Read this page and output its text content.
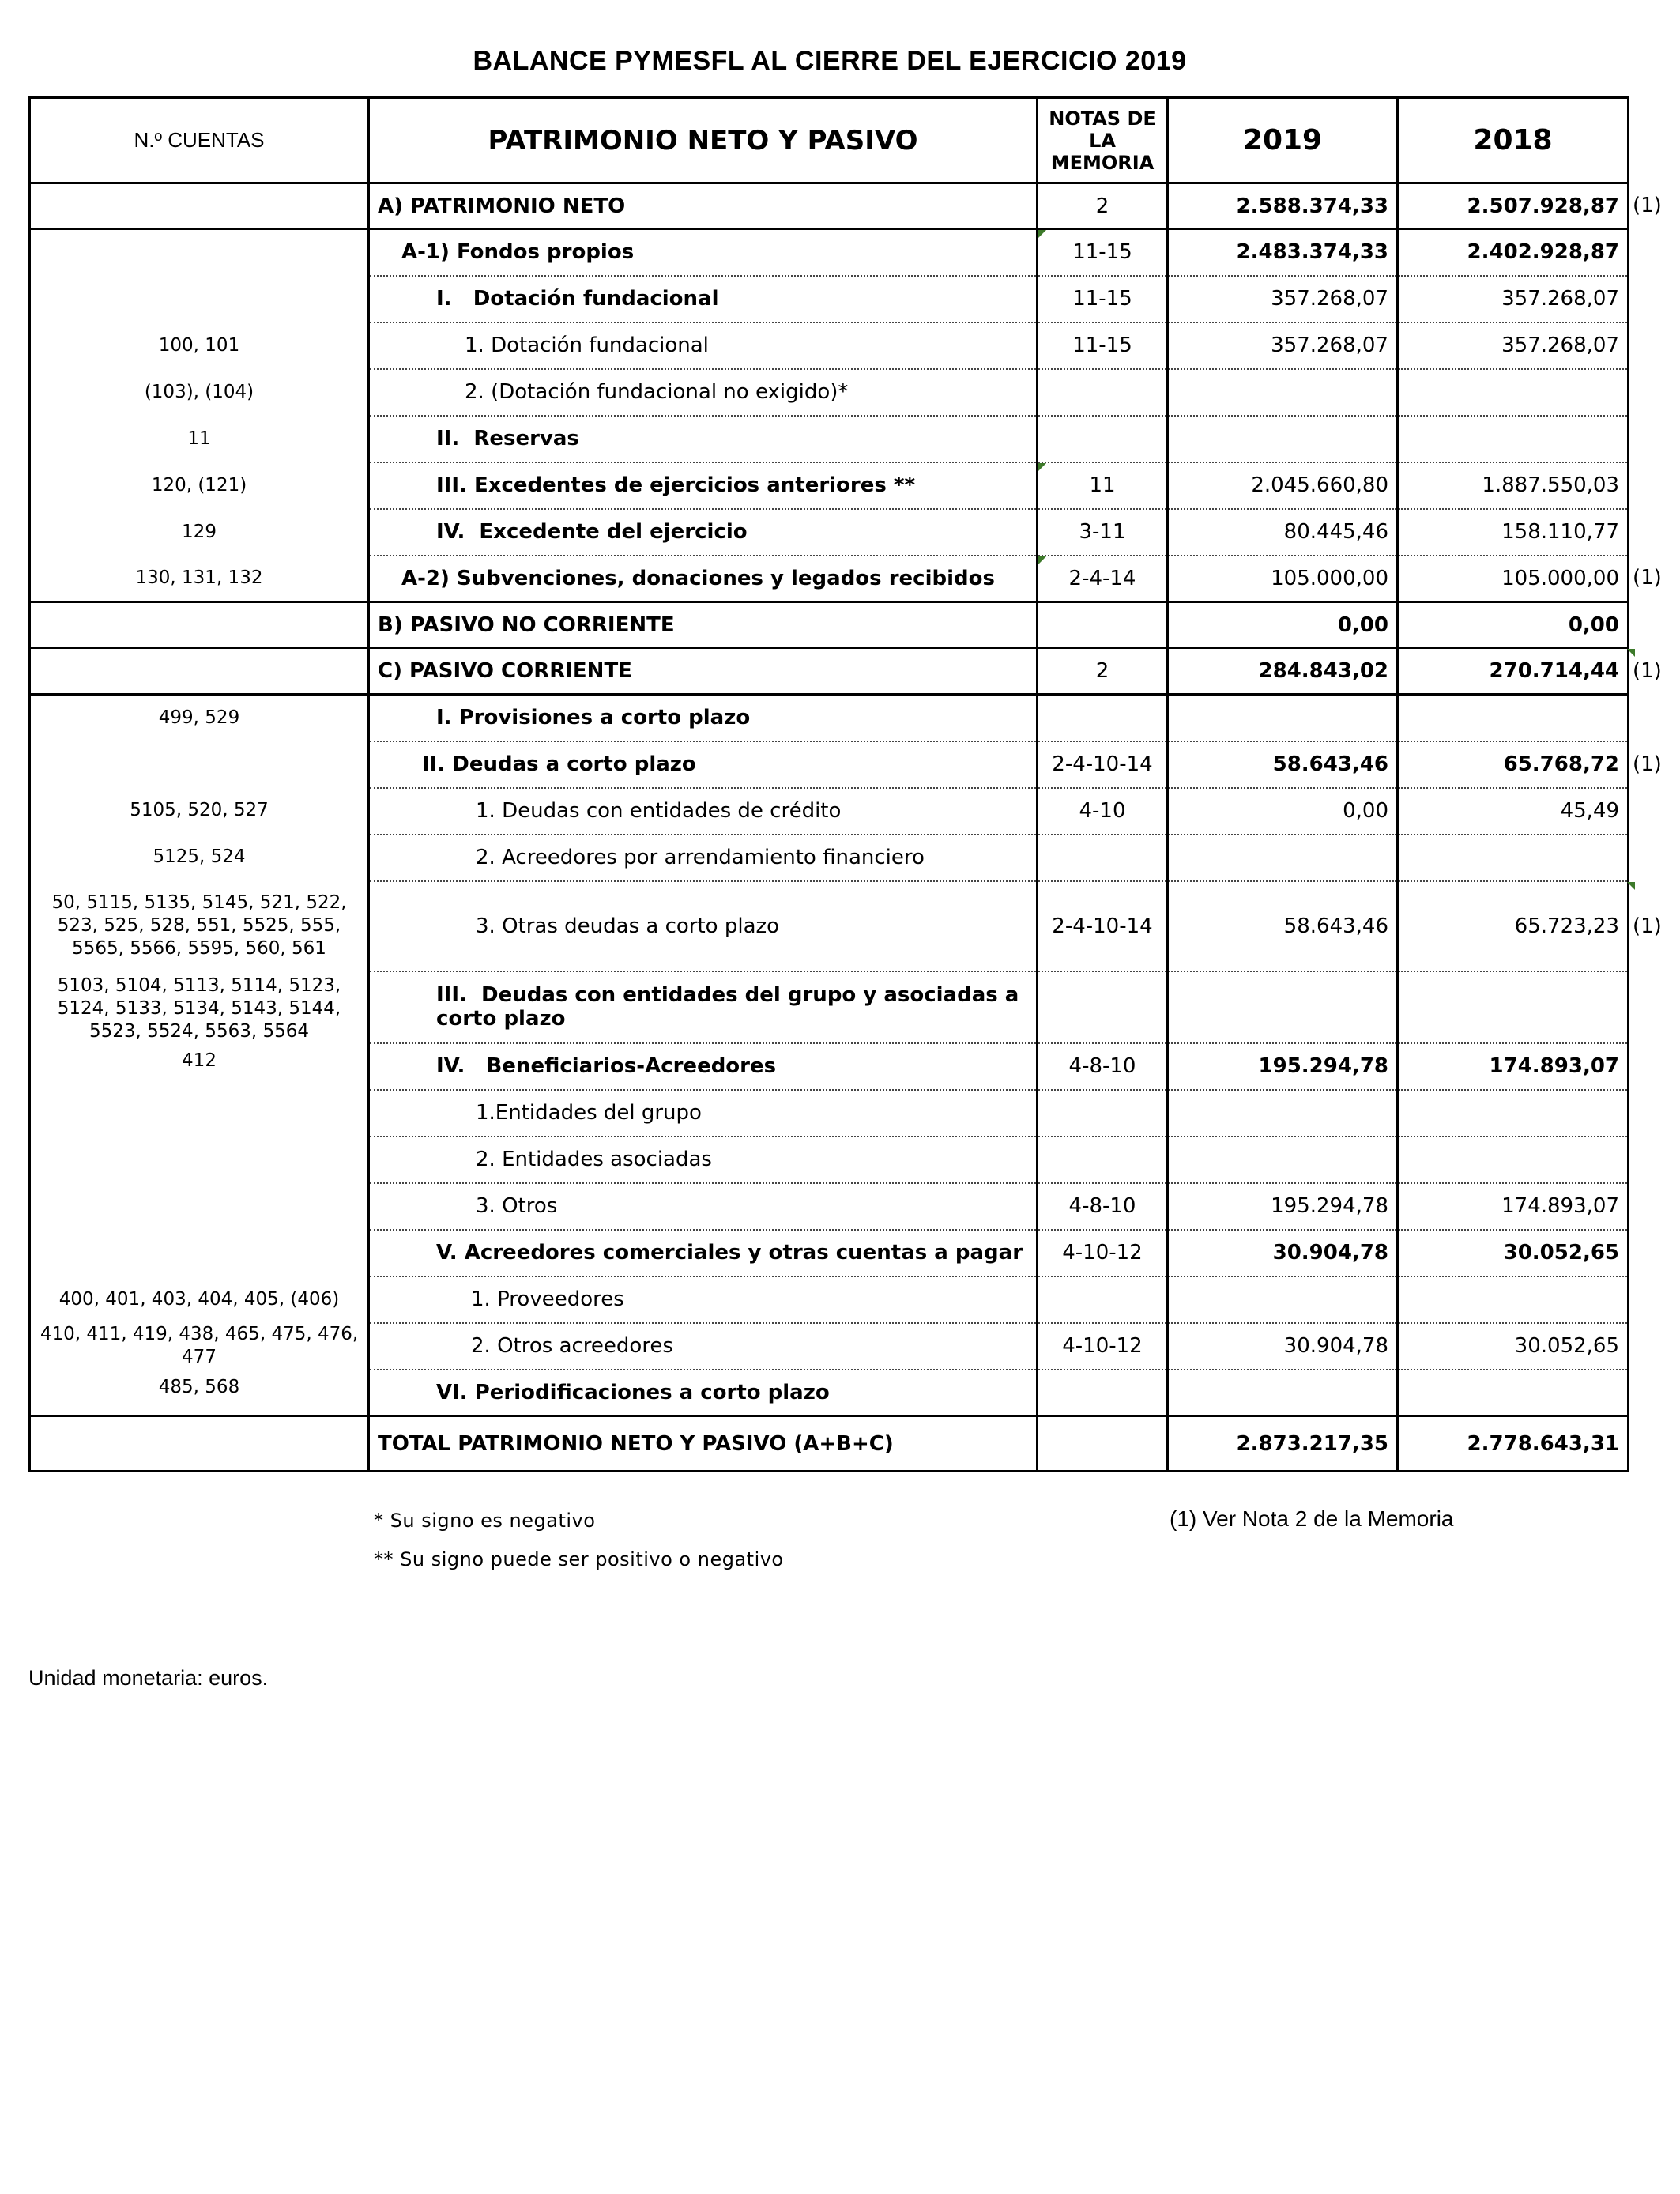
BALANCE PYMESFL AL CIERRE DEL EJERCICIO 2019
N.º CUENTAS	PATRIMONIO NETO Y PASIVO	NOTAS DE LA MEMORIA	2019	2018
	A) PATRIMONIO NETO	2	2.588.374,33	2.507.928,87
	A-1) Fondos propios	11-15	2.483.374,33	2.402.928,87
	I.   Dotación fundacional	11-15	357.268,07	357.268,07
100, 101	1. Dotación fundacional	11-15	357.268,07	357.268,07
(103), (104)	2. (Dotación fundacional no exigido)*			
11	II.  Reservas			
120, (121)	III. Excedentes de ejercicios anteriores **	11	2.045.660,80	1.887.550,03
129	IV.  Excedente del ejercicio	3-11	80.445,46	158.110,77
130, 131, 132	A-2) Subvenciones, donaciones y legados recibidos	2-4-14	105.000,00	105.000,00
	B) PASIVO NO CORRIENTE		0,00	0,00
	C) PASIVO CORRIENTE	2	284.843,02	270.714,44

499, 529	I. Provisiones a corto plazo			
	II. Deudas a corto plazo	2-4-10-14	58.643,46	65.768,72
5105, 520, 527	1. Deudas con entidades de crédito	4-10	0,00	45,49
5125, 524	2. Acreedores por arrendamiento financiero			
50, 5115, 5135, 5145, 521, 522, 523, 525, 528, 551, 5525, 555, 5565, 5566, 5595, 560, 561	3. Otras deudas a corto plazo	2-4-10-14	58.643,46	65.723,23
5103, 5104, 5113, 5114, 5123, 5124, 5133, 5134, 5143, 5144, 5523, 5524, 5563, 5564	III.  Deudas con entidades del grupo y asociadas a corto plazo			
412	IV.   Beneficiarios-Acreedores	4-8-10	195.294,78	174.893,07
	1.Entidades del grupo			
	2. Entidades asociadas			
	3. Otros	4-8-10	195.294,78	174.893,07
	V. Acreedores comerciales y otras cuentas a pagar	4-10-12	30.904,78	30.052,65
400, 401, 403, 404, 405, (406)	1. Proveedores			
410, 411, 419, 438, 465, 475, 476, 477	2. Otros acreedores	4-10-12	30.904,78	30.052,65
485, 568	VI. Periodificaciones a corto plazo			
	TOTAL PATRIMONIO NETO Y PASIVO (A+B+C)		2.873.217,35	2.778.643,31
(1)
(1)
(1)
(1)
(1)
* Su signo es negativo
** Su signo puede ser positivo o negativo
(1) Ver Nota 2 de la Memoria
Unidad monetaria: euros.
